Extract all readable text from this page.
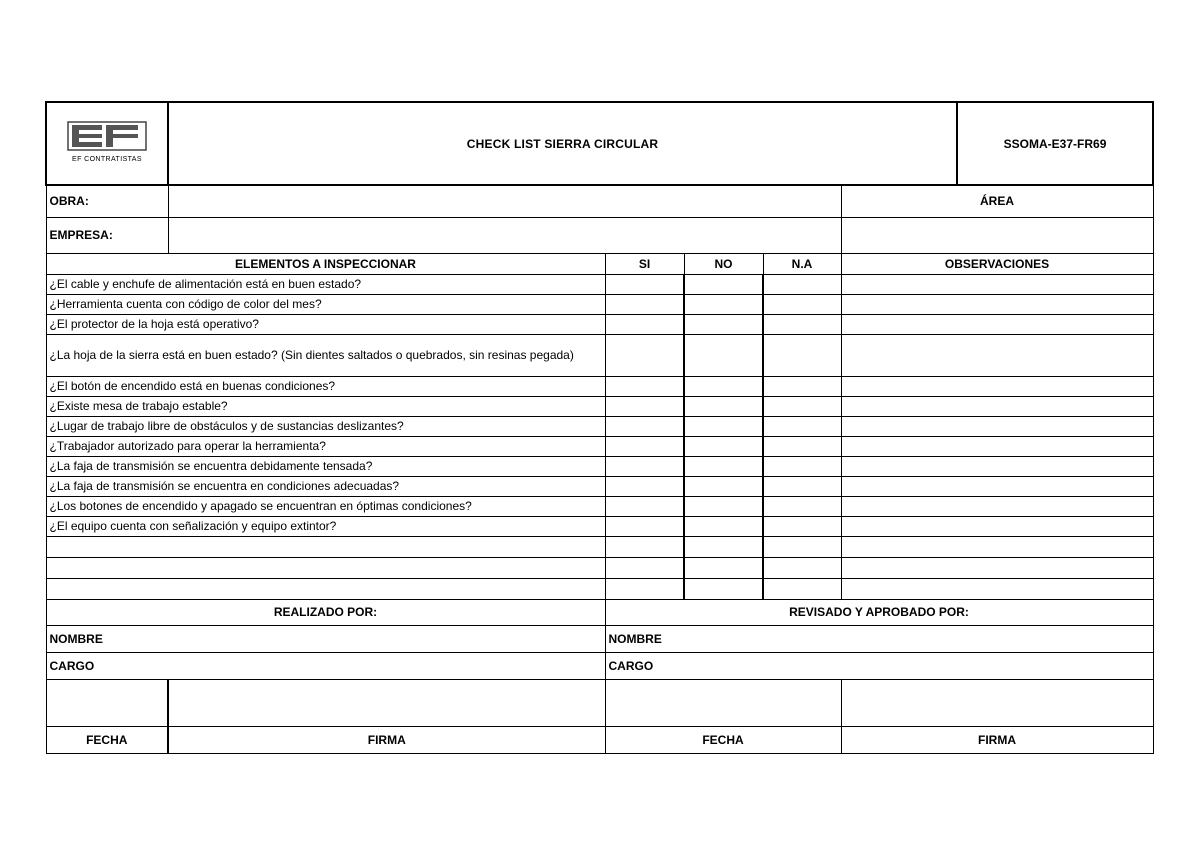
EF CONTRATISTAS	CHECK LIST SIERRA CIRCULAR					SSOMA-E37-FR69
OBRA:					ÁREA	
EMPRESA:						
ELEMENTOS A INSPECCIONAR		SI	NO	N.A	OBSERVACIONES	
¿El cable y enchufe de alimentación está en buen estado?						
¿Herramienta cuenta con código de color del mes?						
¿El protector de la hoja está operativo?						
¿La hoja de la sierra está en buen estado? (Sin dientes saltados o quebrados, sin resinas pegada)						
¿El botón de encendido está en buenas condiciones?						
¿Existe mesa de trabajo estable?						
¿Lugar de trabajo libre de obstáculos y de sustancias deslizantes?						
¿Trabajador autorizado para operar la herramienta?						
¿La faja de transmisión se encuentra debidamente tensada?						
¿La faja de transmisión se encuentra en condiciones adecuadas?						
¿Los botones de encendido y apagado se encuentran en óptimas condiciones?						
¿El equipo cuenta con señalización y equipo extintor?						

REALIZADO POR:		REVISADO Y APROBADO POR:				
NOMBRE		NOMBRE				
CARGO		CARGO				

FECHA	FIRMA	FECHA			FIRMA	
